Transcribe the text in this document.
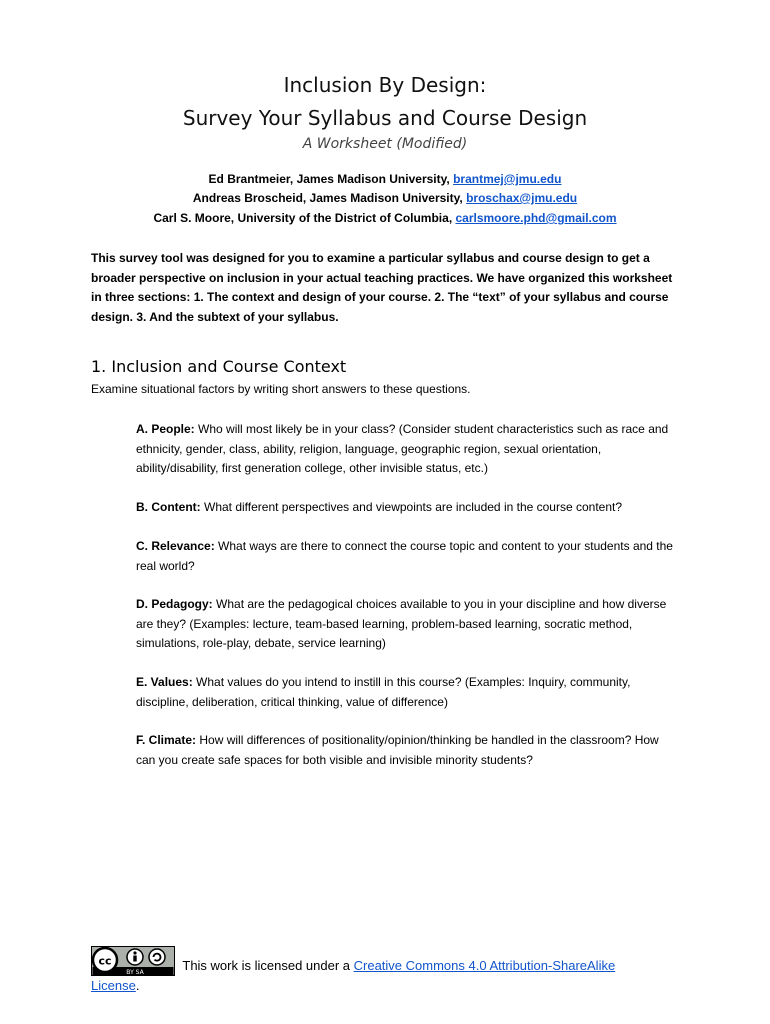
Inclusion By Design:
Survey Your Syllabus and Course Design
A Worksheet (Modified)
Ed Brantmeier, James Madison University, brantmej@jmu.edu
Andreas Broscheid, James Madison University, broschax@jmu.edu
Carl S. Moore, University of the District of Columbia, carlsmoore.phd@gmail.com
This survey tool was designed for you to examine a particular syllabus and course design to get a broader perspective on inclusion in your actual teaching practices. We have organized this worksheet in three sections: 1. The context and design of your course. 2. The “text” of your syllabus and course design. 3. And the subtext of your syllabus.
1. Inclusion and Course Context
Examine situational factors by writing short answers to these questions.
A. People: Who will most likely be in your class? (Consider student characteristics such as race and ethnicity, gender, class, ability, religion, language, geographic region, sexual orientation, ability/disability, first generation college, other invisible status, etc.)
B. Content: What different perspectives and viewpoints are included in the course content?
C. Relevance: What ways are there to connect the course topic and content to your students and the real world?
D. Pedagogy: What are the pedagogical choices available to you in your discipline and how diverse are they? (Examples: lecture, team-based learning, problem-based learning, socratic method, simulations, role-play, debate, service learning)
E. Values: What values do you intend to instill in this course? (Examples: Inquiry, community, discipline, deliberation, critical thinking, value of difference)
F. Climate: How will differences of positionality/opinion/thinking be handled in the classroom? How can you create safe spaces for both visible and invisible minority students?
cc
BY SA	This work is licensed under a Creative Commons 4.0 Attribution-ShareAlike
License.
